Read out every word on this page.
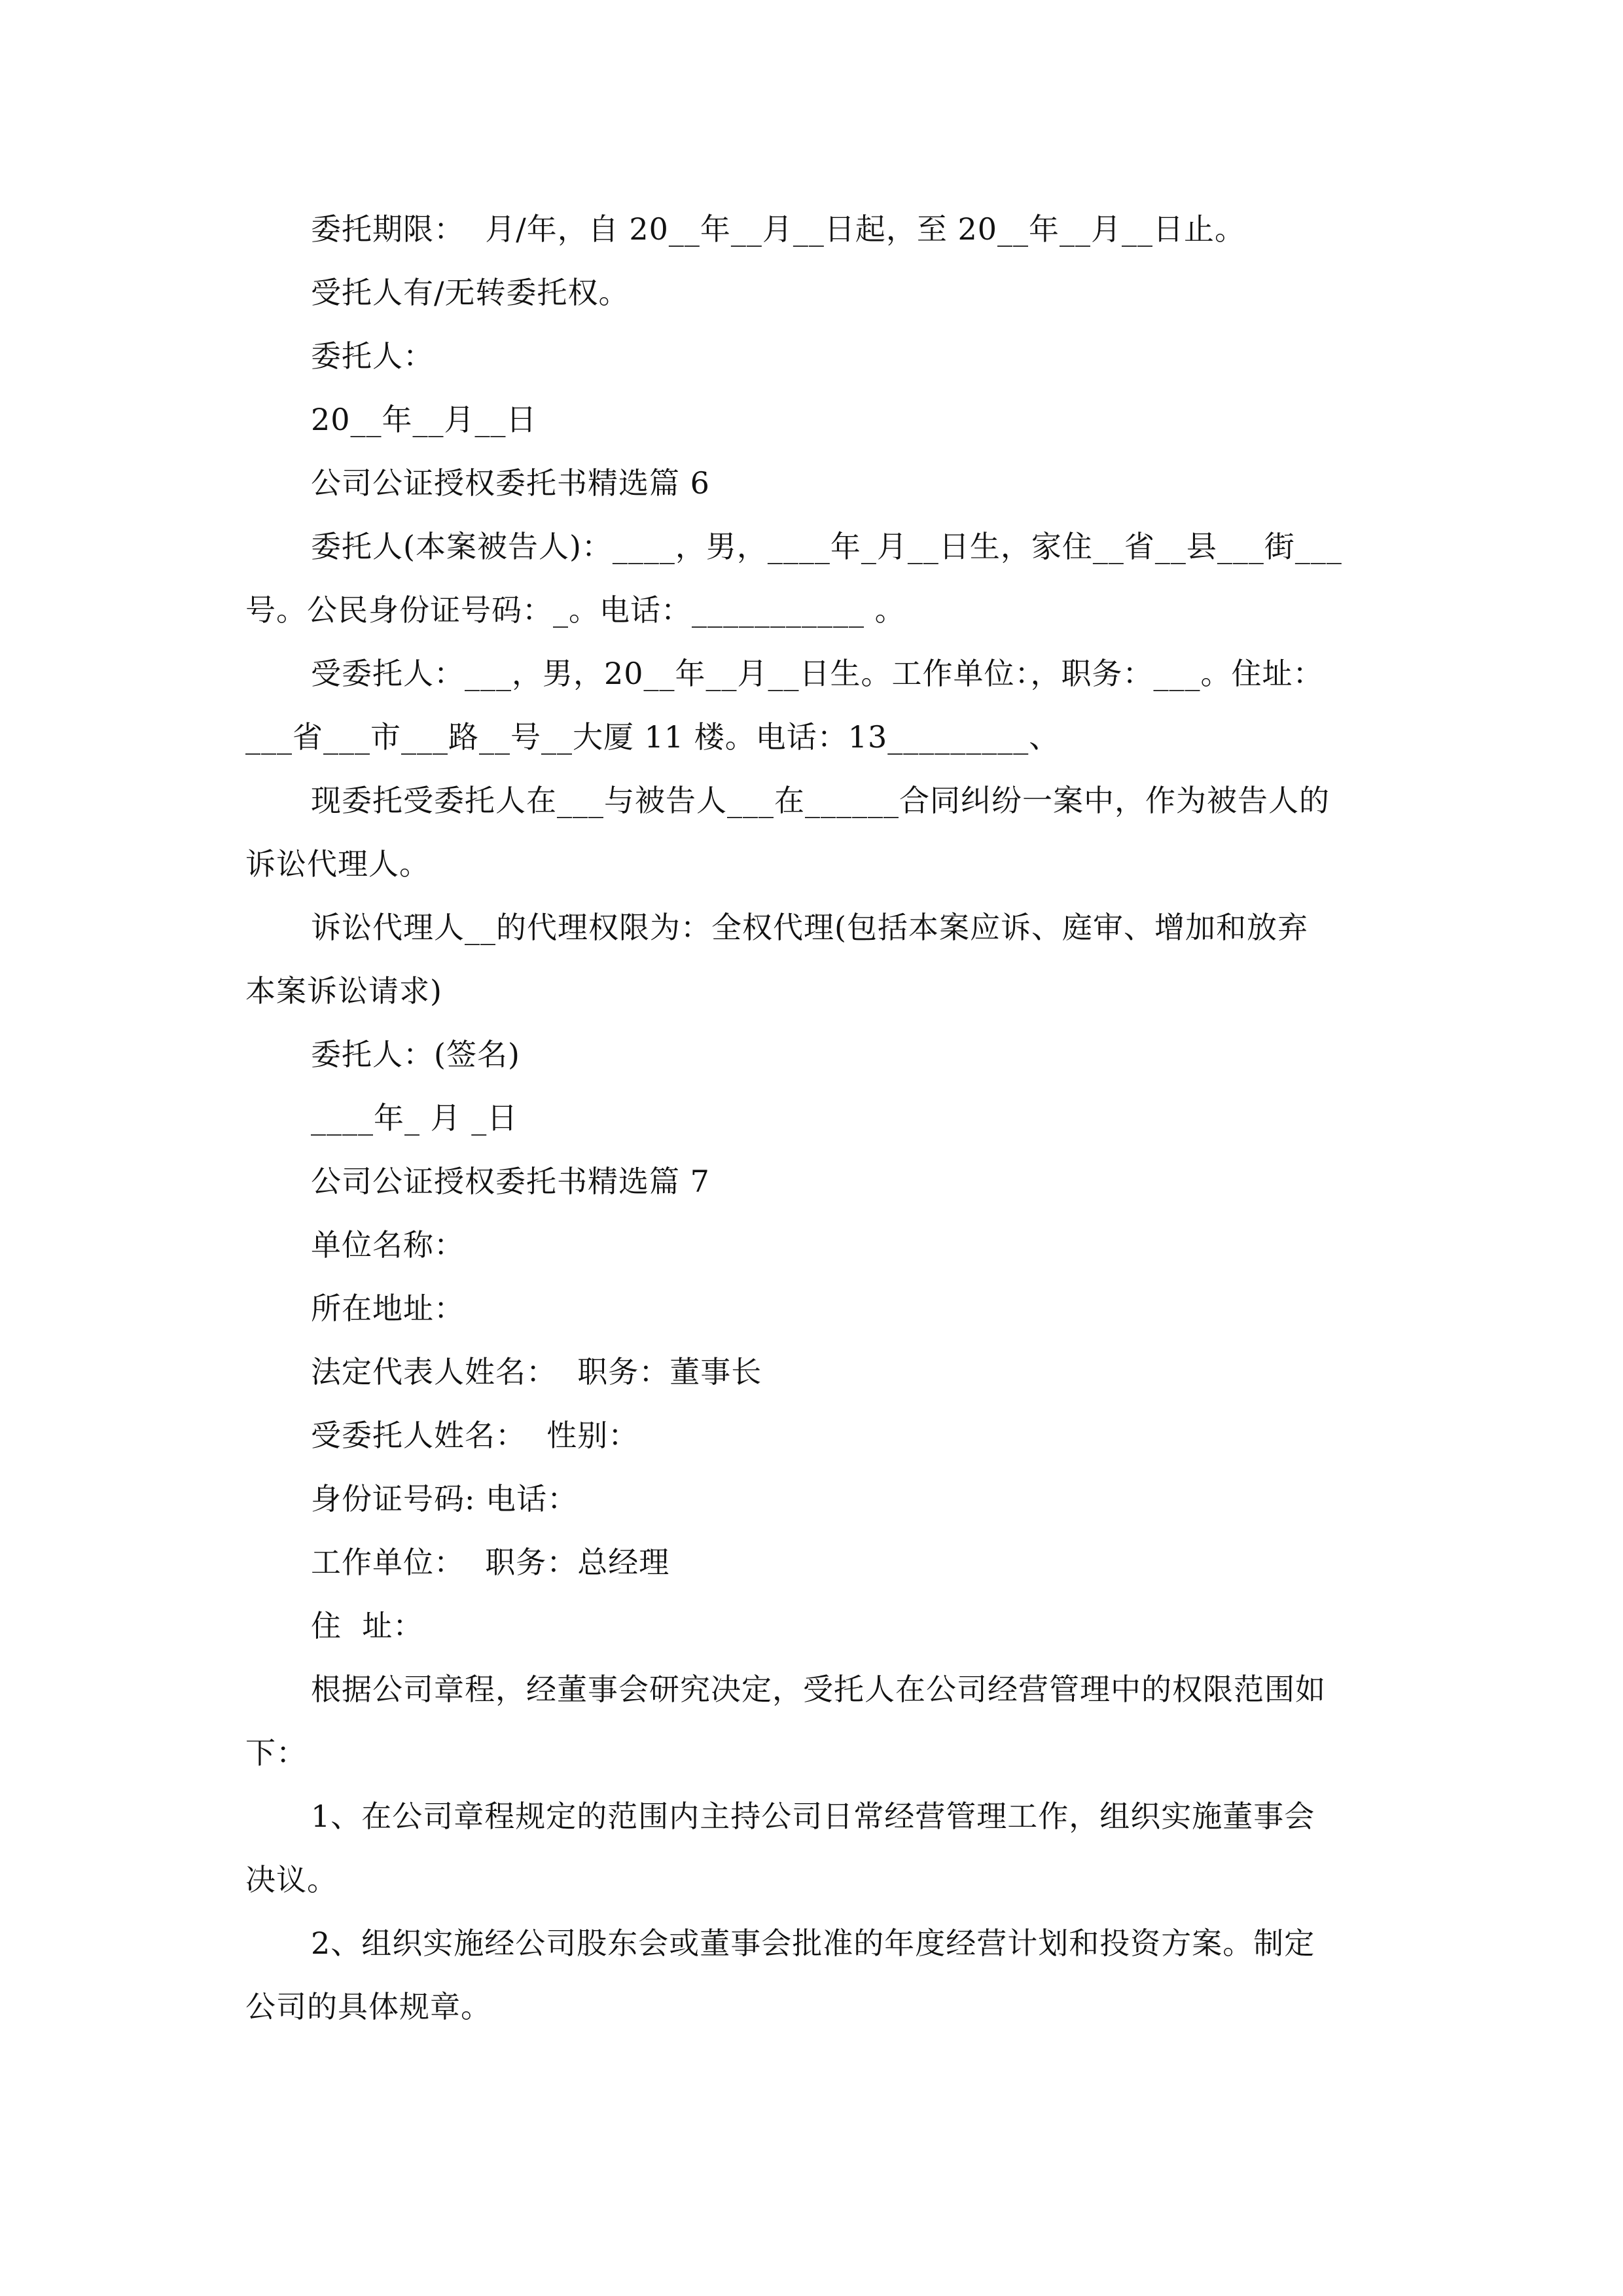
委托期限：  月/年，自 20__年__月__日起，至 20__年__月__日止。
受托人有/无转委托权。
委托人：
20__年__月__日
公司公证授权委托书精选篇 6
委托人(本案被告人)：____，男，____年_月__日生，家住__省__县___街___
号。公民身份证号码：_。电话：___________ 。
受委托人：___，男，20__年__月__日生。工作单位：，职务：___。住址：
___省___市___路__号__大厦 11 楼。电话：13_________、
现委托受委托人在___与被告人___在______合同纠纷一案中，作为被告人的
诉讼代理人。
诉讼代理人__的代理权限为：全权代理(包括本案应诉、庭审、增加和放弃
本案诉讼请求)
委托人：(签名)
____年_ 月 _日
公司公证授权委托书精选篇 7
单位名称：
所在地址：
法定代表人姓名：  职务：董事长
受委托人姓名：  性别：
身份证号码: 电话：
工作单位：  职务：总经理
住  址：
根据公司章程，经董事会研究决定，受托人在公司经营管理中的权限范围如
下：
1、在公司章程规定的范围内主持公司日常经营管理工作，组织实施董事会
决议。
2、组织实施经公司股东会或董事会批准的年度经营计划和投资方案。制定
公司的具体规章。
